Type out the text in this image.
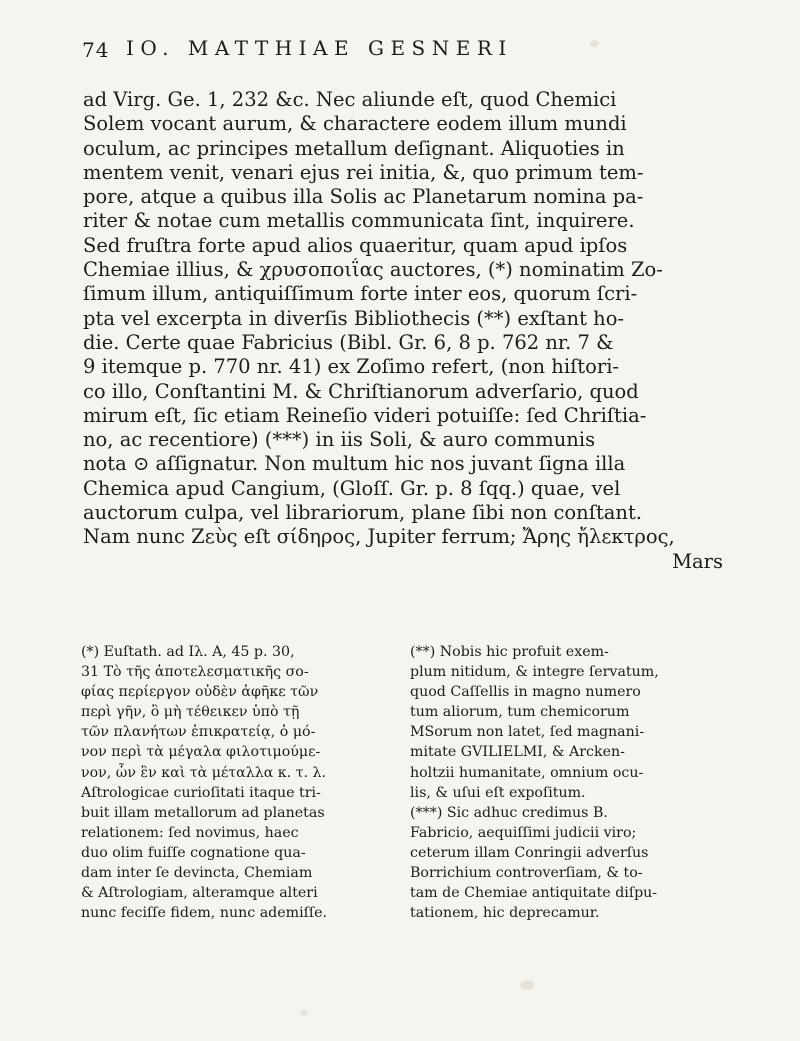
74 IO. MATTHIAE GESNERI
ad Virg. Ge. 1, 232 &c. Nec aliunde eſt, quod Chemici
Solem vocant aurum, & charactere eodem illum mundi
oculum, ac principes metallum deſignant. Aliquoties in
mentem venit, venari ejus rei initia, &, quo primum tem-
pore, atque a quibus illa Solis ac Planetarum nomina pa-
riter & notae cum metallis communicata ſint, inquirere.
Sed fruſtra forte apud alios quaeritur, quam apud ipſos
Chemiae illius, & χρυσοποιΐας auctores, (*) nominatim Zo-
ſimum illum, antiquiſſimum forte inter eos, quorum ſcri-
pta vel excerpta in diverſis Bibliothecis (**) exſtant ho-
die. Certe quae Fabricius (Bibl. Gr. 6, 8 p. 762 nr. 7 &
9 itemque p. 770 nr. 41) ex Zoſimo refert, (non hiſtori-
co illo, Conſtantini M. & Chriſtianorum adverſario, quod
mirum eſt, ſic etiam Reineſio videri potuiſſe: ſed Chriſtia-
no, ac recentiore) (***) in iis Soli, & auro communis
nota ⊙ aſſignatur. Non multum hic nos juvant ſigna illa
Chemica apud Cangium, (Gloſſ. Gr. p. 8 ſqq.) quae, vel
auctorum culpa, vel librariorum, plane ſibi non conſtant.
Nam nunc Ζεὺς eſt σίδηρος, Jupiter ferrum; Ἄρης ἤλεκτρος,
Mars
(*) Euſtath. ad Ιλ. Α, 45 p. 30,
31 Τὸ τῆς ἀποτελεσματικῆς σο-
φίας περίεργον οὐδὲν ἀφῆκε τῶν
περὶ γῆν, ὃ μὴ τέθεικεν ὑπὸ τῇ
τῶν πλανήτων ἐπικρατείᾳ, ὁ μό-
νον περὶ τὰ μέγαλα φιλοτιμούμε-
νον, ὧν ἓν καὶ τὰ μέταλλα κ. τ. λ.
Aſtrologicae curioſitati itaque tri-
buit illam metallorum ad planetas
relationem: ſed novimus, haec
duo olim fuiſſe cognatione qua-
dam inter ſe devincta, Chemiam
& Aſtrologiam, alteramque alteri
nunc feciſſe fidem, nunc ademiſſe.
(**) Nobis hic profuit exem-
plum nitidum, & integre ſervatum,
quod Caſſellis in magno numero
tum aliorum, tum chemicorum
MSorum non latet, ſed magnani-
mitate GVILIELMI, & Arcken-
holtzii humanitate, omnium ocu-
lis, & uſui eſt expoſitum.
(***) Sic adhuc credimus B.
Fabricio, aequiſſimi judicii viro;
ceterum illam Conringii adverſus
Borrichium controverſiam, & to-
tam de Chemiae antiquitate diſpu-
tationem, hic deprecamur.
